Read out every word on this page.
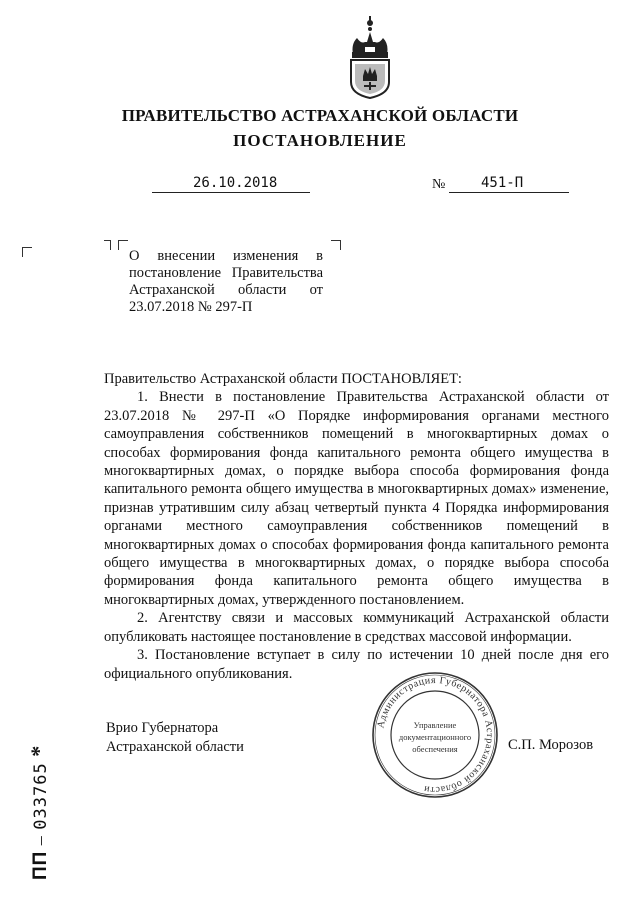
ПРАВИТЕЛЬСТВО АСТРАХАНСКОЙ ОБЛАСТИ
ПОСТАНОВЛЕНИЕ
26.10.2018	№	451-П
О внесении изменения в постановление Правительства Астраханской области от 23.07.2018 № 297-П

Правительство Астраханской области ПОСТАНОВЛЯЕТ:

1. Внести в постановление Правительства Астраханской области от 23.07.2018 № 297-П «О Порядке информирования органами местного самоуправления собственников помещений в многоквартирных домах о способах формирования фонда капитального ремонта общего имущества в многоквартирных домах, о порядке выбора способа формирования фонда капитального ремонта общего имущества в многоквартирных домах» изменение, признав утратившим силу абзац четвертый пункта 4 Порядка информирования органами местного самоуправления собственников помещений в многоквартирных домах о способах формирования фонда капитального ремонта общего имущества в многоквартирных домах, о порядке выбора способа формирования фонда капитального ремонта общего имущества в многоквартирных домах, утвержденного постановлением.

2. Агентству связи и массовых коммуникаций Астраханской области опубликовать настоящее постановление в средствах массовой информации.

3. Постановление вступает в силу по истечении 10 дней после дня его официального опубликования.

Врио Губернатора
Астраханской области	С.П. Морозов
Администрация Губернатора Астраханской области
Управление
документационного
обеспечения
ПП – 033765 *
